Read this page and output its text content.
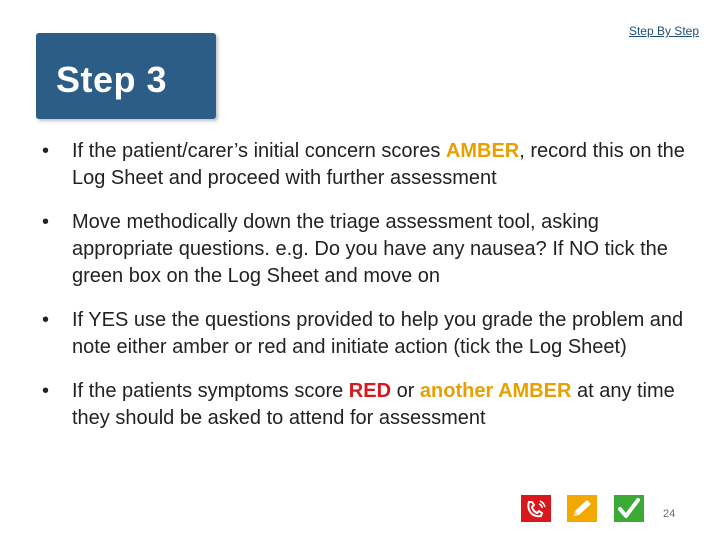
Step By Step
Step 3
• If the patient/carer’s initial concern scores AMBER, record this on the Log Sheet and proceed with further assessment
• Move methodically down the triage assessment tool, asking appropriate questions. e.g. Do you have any nausea? If NO tick the green box on the Log Sheet and move on
• If YES use the questions provided to help you grade the problem and note either amber or red and initiate action (tick the Log Sheet)
• If the patients symptoms score RED or another AMBER at any time they should be asked to attend for assessment
24
